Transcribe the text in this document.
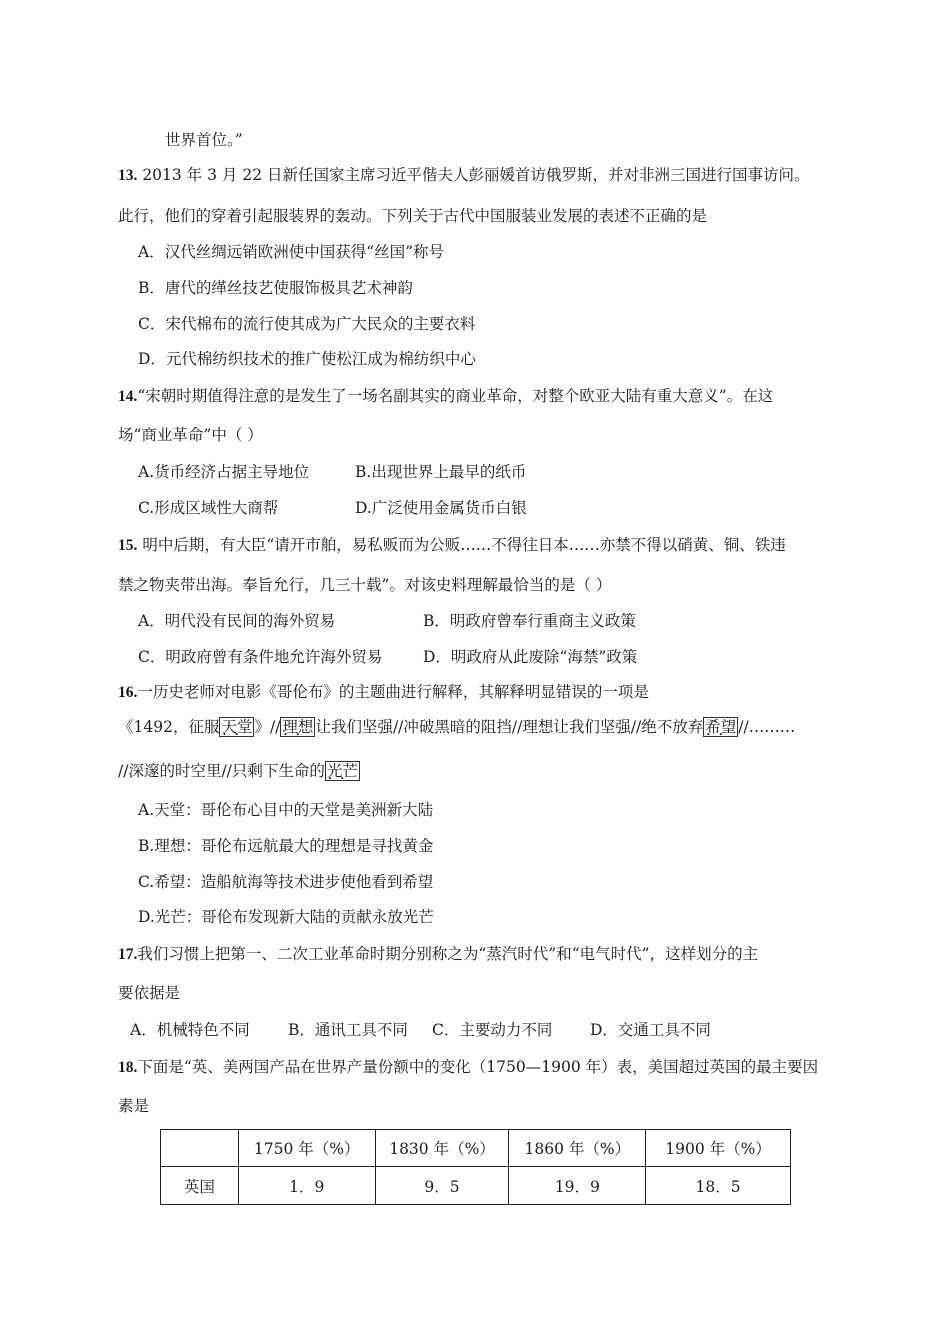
世界首位。”
13. 2013 年 3 月 22 日新任国家主席习近平偕夫人彭丽媛首访俄罗斯，并对非洲三国进行国事访问。
此行，他们的穿着引起服装界的轰动。下列关于古代中国服装业发展的表述不正确的是
A．汉代丝绸远销欧洲使中国获得“丝国”称号
B．唐代的缂丝技艺使服饰极具艺术神韵
C．宋代棉布的流行使其成为广大民众的主要衣料
D．元代棉纺织技术的推广使松江成为棉纺织中心
14.“宋朝时期值得注意的是发生了一场名副其实的商业革命，对整个欧亚大陆有重大意义”。在这
场“商业革命”中（ ）
A.货币经济占据主导地位	B.出现世界上最早的纸币
C.形成区域性大商帮	D.广泛使用金属货币白银
15. 明中后期，有大臣“请开市舶，易私贩而为公贩……不得往日本……亦禁不得以硝黄、铜、铁违
禁之物夹带出海。奉旨允行，几三十载”。对该史料理解最恰当的是（ ）
A．明代没有民间的海外贸易	B．明政府曾奉行重商主义政策
C．明政府曾有条件地允许海外贸易	D．明政府从此废除“海禁”政策
16.一历史老师对电影《哥伦布》的主题曲进行解释，其解释明显错误的一项是
《1492，征服 天堂 • • 》// 理想 • • 让我们坚强//冲破黑暗的阻挡//理想让我们坚强//绝不放弃 希望 • • //………
//深邃的时空里//只剩下生命的 光芒 • •
A.天堂：哥伦布心目中的天堂是美洲新大陆
B.理想：哥伦布远航最大的理想是寻找黄金
C.希望：造船航海等技术进步使他看到希望
D.光芒：哥伦布发现新大陆的贡献永放光芒
17.我们习惯上把第一、二次工业革命时期分别称之为“蒸汽时代”和“电气时代”，这样划分的主
要依据是
A．机械特色不同 B．通讯工具不同 C．主要动力不同 D．交通工具不同
18.下面是“英、美两国产品在世界产量份额中的变化（1750—1900 年）表，美国超过英国的最主要因
素是
	1750 年（%）	1830 年（%）	1860 年（%）	1900 年（%）
英国	1．9	9．5	19．9	18．5
